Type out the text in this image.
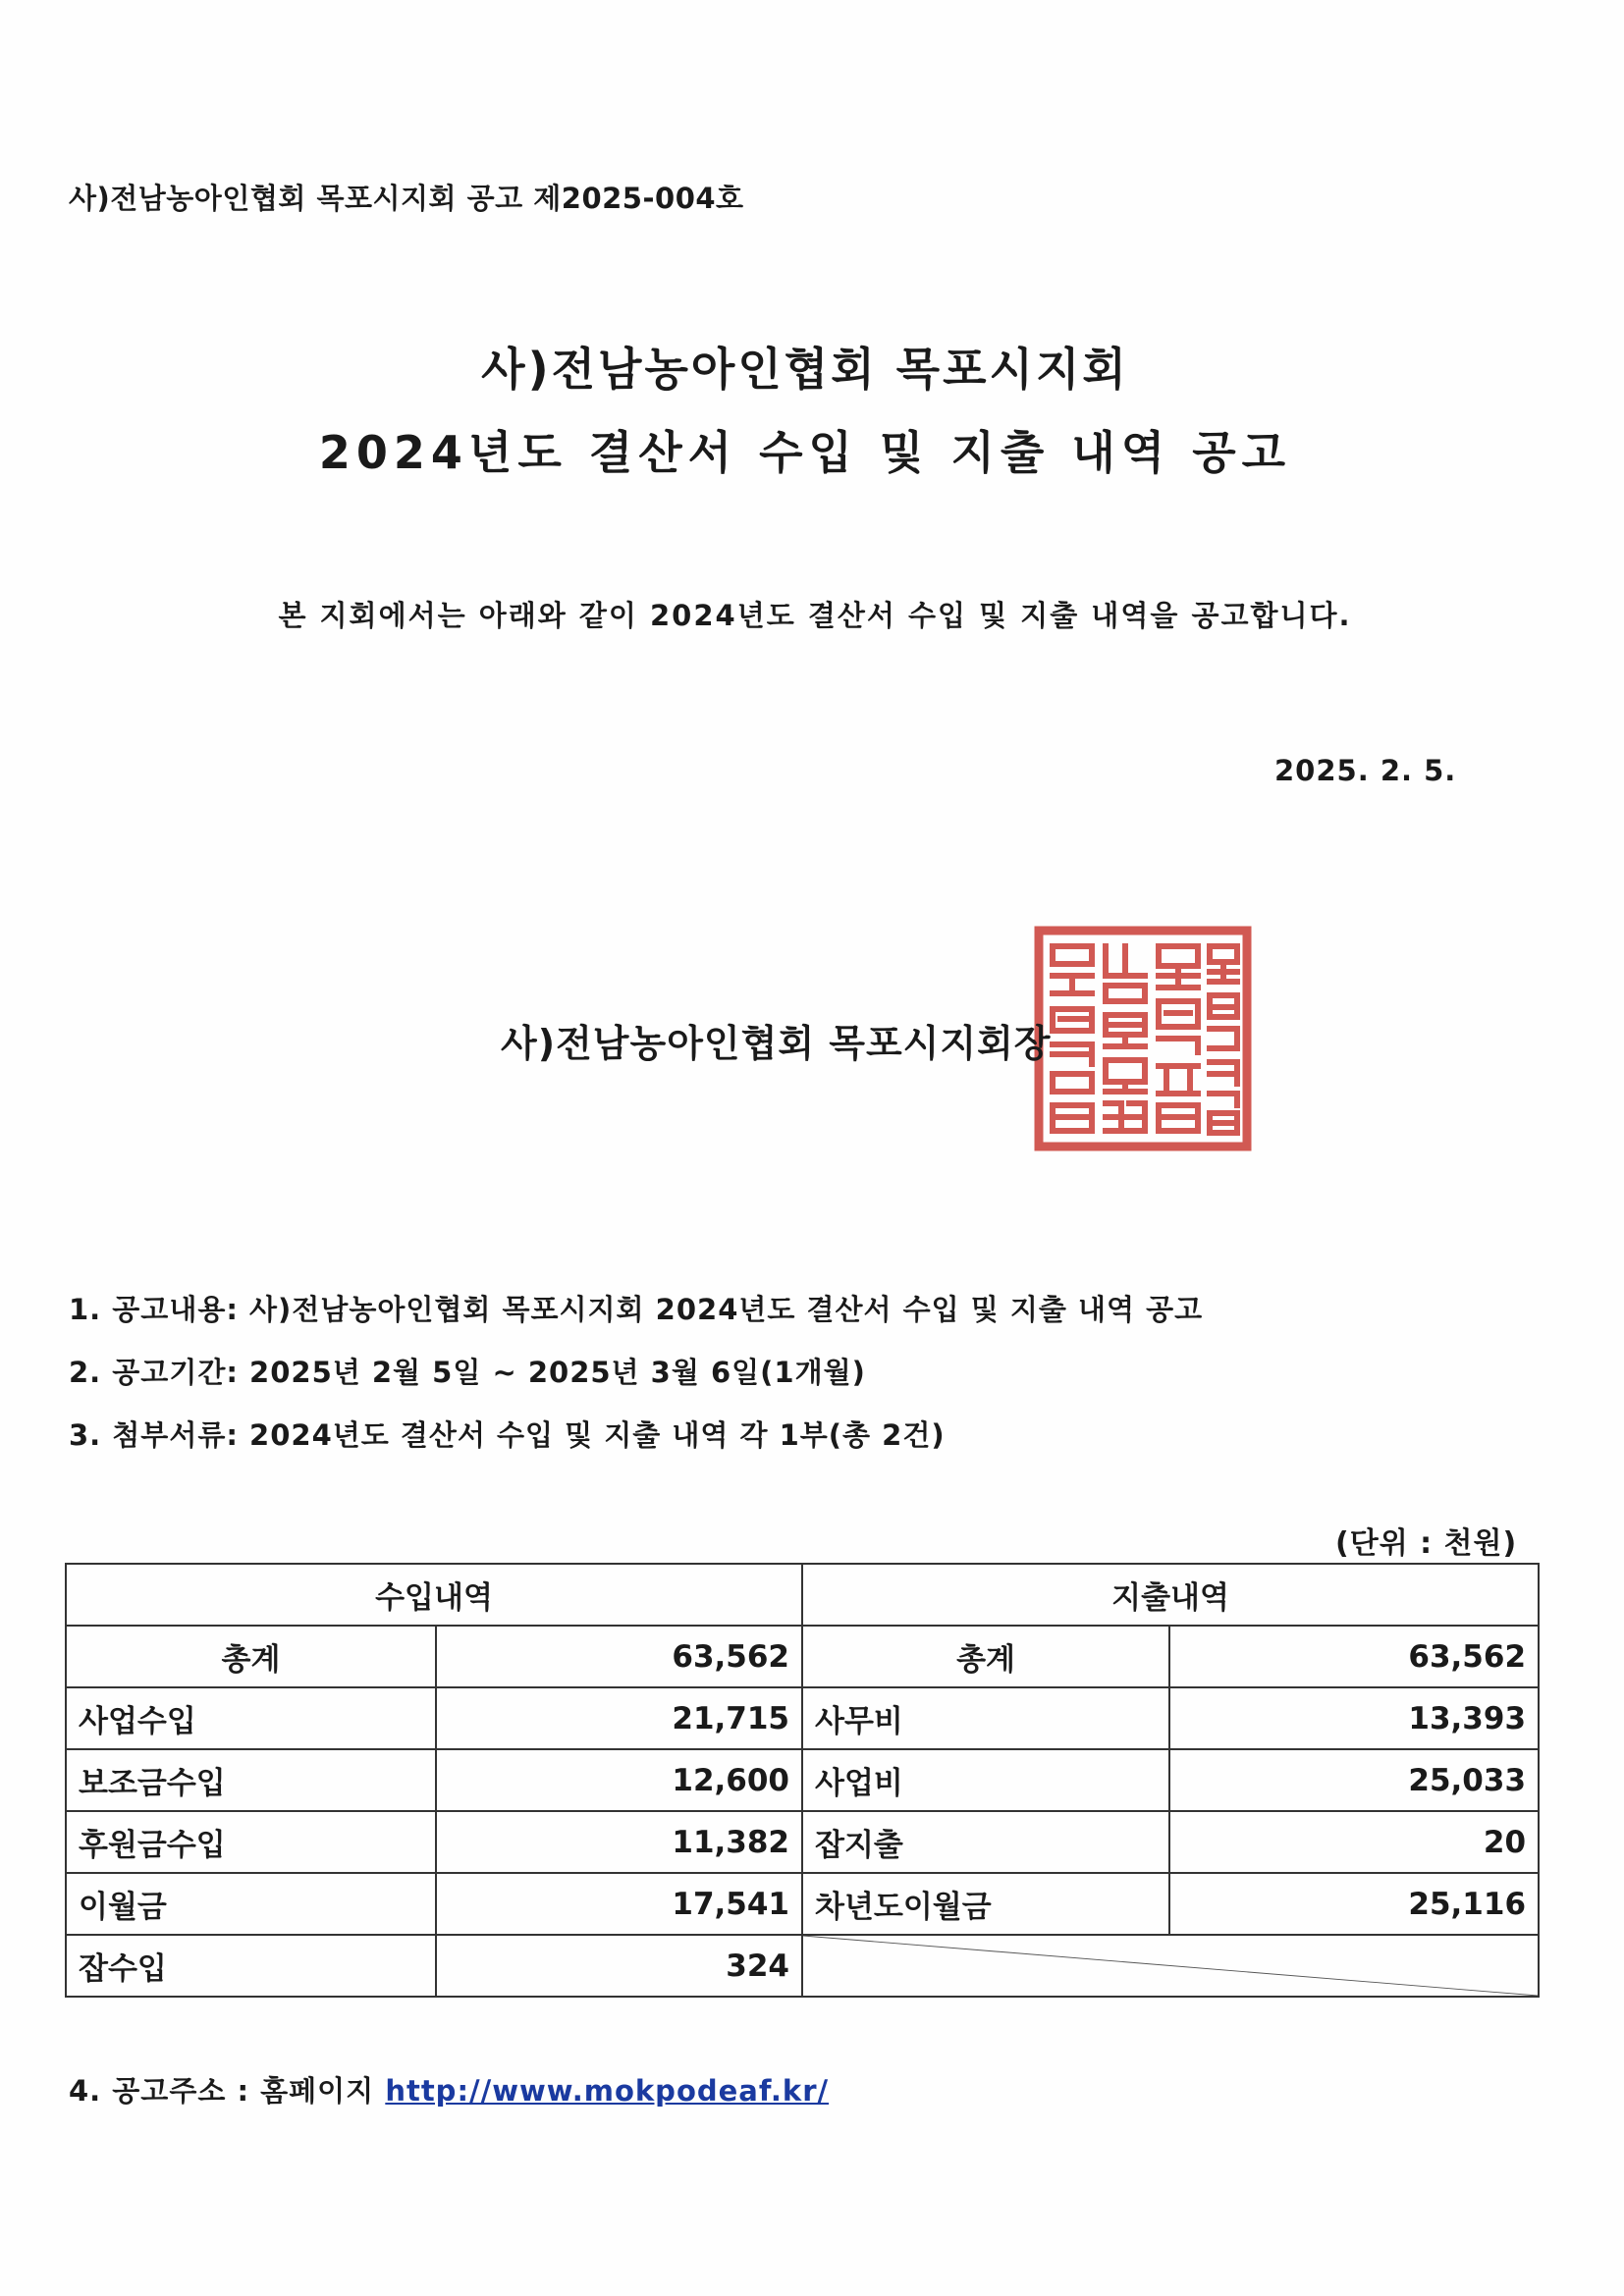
사)전남농아인협회 목포시지회 공고 제2025-004호
사)전남농아인협회 목포시지회
2024년도 결산서 수입 및 지출 내역 공고
본 지회에서는 아래와 같이 2024년도 결산서 수입 및 지출 내역을 공고합니다.
2025. 2. 5.
사)전남농아인협회 목포시지회장
1. 공고내용: 사)전남농아인협회 목포시지회 2024년도 결산서 수입 및 지출 내역 공고
2. 공고기간: 2025년 2월 5일 ~ 2025년 3월 6일(1개월)
3. 첨부서류: 2024년도 결산서 수입 및 지출 내역 각 1부(총 2건)
(단위 : 천원)
수입내역		지출내역	
총계	63,562	총계	63,562
사업수입	21,715	사무비	13,393
보조금수입	12,600	사업비	25,033
후원금수입	11,382	잡지출	20
이월금	17,541	차년도이월금	25,116
잡수입	324	
4. 공고주소 : 홈페이지 http://www.mokpodeaf.kr/
